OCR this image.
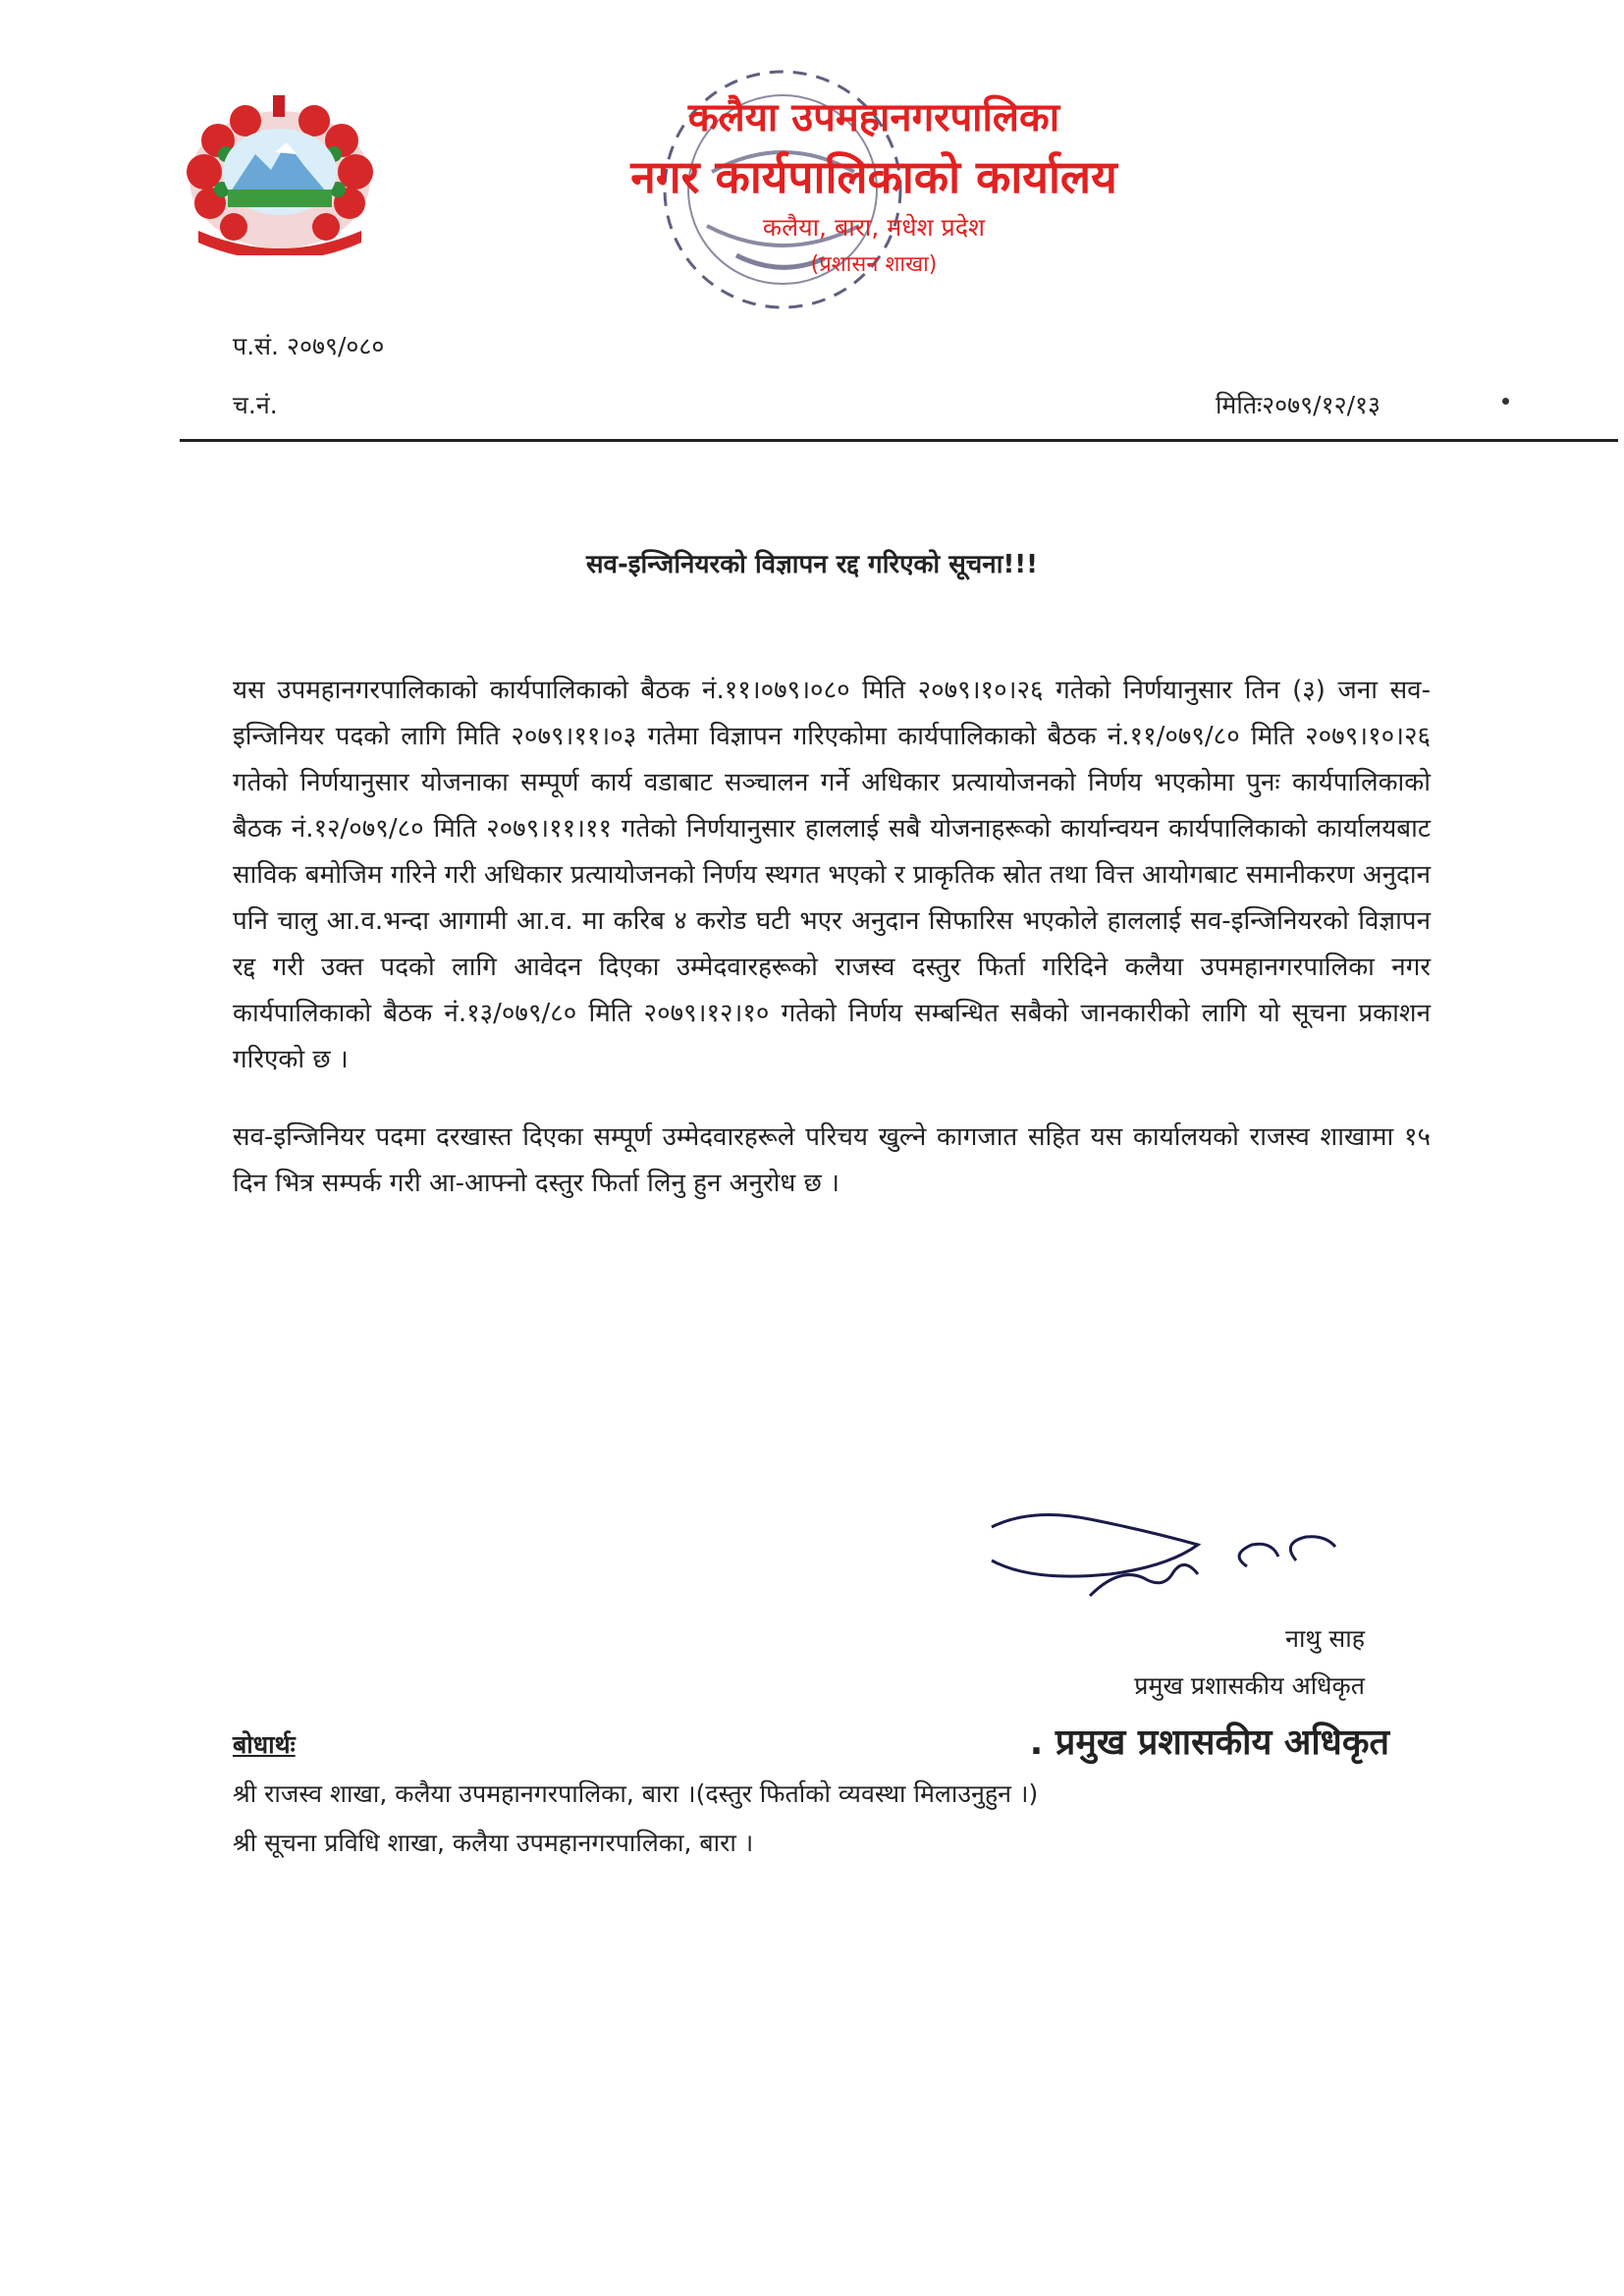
कलैया उपमहानगरपालिका
नगर कार्यपालिकाको कार्यालय
कलैया, बारा, मधेश प्रदेश
(प्रशासन शाखा)
प.सं. २०७९/०८०
च.नं.	मितिः२०७९/१२/१३
सव-इन्जिनियरको विज्ञापन रद्द गरिएको सूचना!!!

यस उपमहानगरपालिकाको कार्यपालिकाको बैठक नं.११।०७९।०८० मिति २०७९।१०।२६ गतेको निर्णयानुसार तिन (३) जना सव-इन्जिनियर पदको लागि मिति २०७९।११।०३ गतेमा विज्ञापन गरिएकोमा कार्यपालिकाको बैठक नं.११/०७९/८० मिति २०७९।१०।२६ गतेको निर्णयानुसार योजनाका सम्पूर्ण कार्य वडाबाट सञ्चालन गर्ने अधिकार प्रत्यायोजनको निर्णय भएकोमा पुनः कार्यपालिकाको बैठक नं.१२/०७९/८० मिति २०७९।११।११ गतेको निर्णयानुसार हाललाई सबै योजनाहरूको कार्यान्वयन कार्यपालिकाको कार्यालयबाट साविक बमोजिम गरिने गरी अधिकार प्रत्यायोजनको निर्णय स्थगत भएको र प्राकृतिक स्रोत तथा वित्त आयोगबाट समानीकरण अनुदान पनि चालु आ.व.भन्दा आगामी आ.व. मा करिब ४ करोड घटी भएर अनुदान सिफारिस भएकोले हाललाई सव-इन्जिनियरको विज्ञापन रद्द गरी उक्त पदको लागि आवेदन दिएका उम्मेदवारहरूको राजस्व दस्तुर फिर्ता गरिदिने कलैया उपमहानगरपालिका नगर कार्यपालिकाको बैठक नं.१३/०७९/८० मिति २०७९।१२।१० गतेको निर्णय सम्बन्धित सबैको जानकारीको लागि यो सूचना प्रकाशन गरिएको छ ।

सव-इन्जिनियर पदमा दरखास्त दिएका सम्पूर्ण उम्मेदवारहरूले परिचय खुल्ने कागजात सहित यस कार्यालयको राजस्व शाखामा १५ दिन भित्र सम्पर्क गरी आ-आफ्नो दस्तुर फिर्ता लिनु हुन अनुरोध छ ।

नाथु साह
प्रमुख प्रशासकीय अधिकृत
. प्रमुख प्रशासकीय अधिकृत
बोधार्थः
श्री राजस्व शाखा, कलैया उपमहानगरपालिका, बारा ।(दस्तुर फिर्ताको व्यवस्था मिलाउनुहुन ।)
श्री सूचना प्रविधि शाखा, कलैया उपमहानगरपालिका, बारा ।
